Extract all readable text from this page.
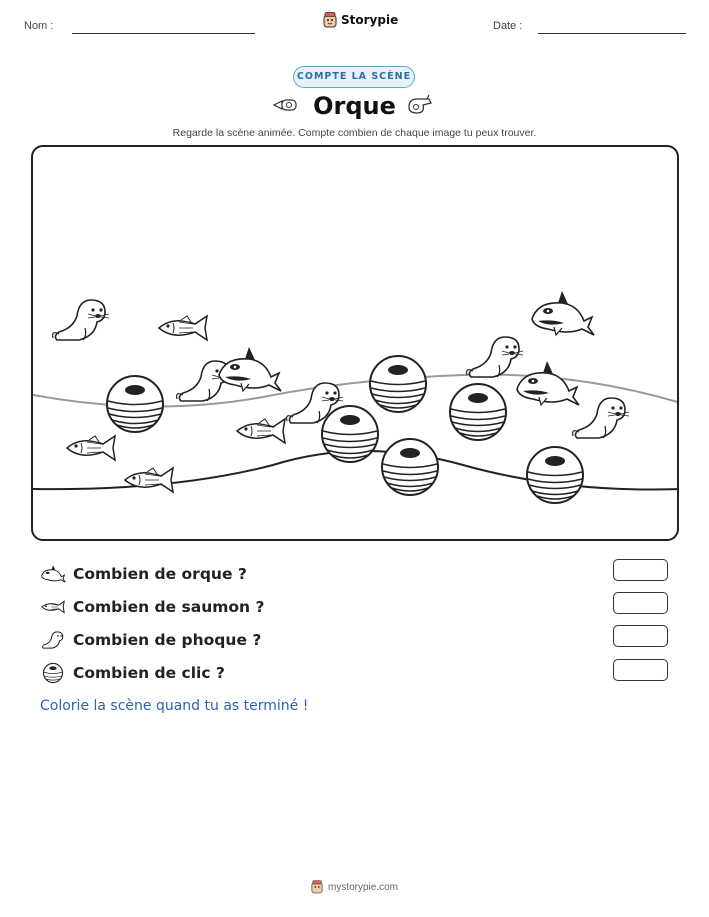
Nom :	Storypie	Date :
COMPTE LA SCÈNE
Orque
Regarde la scène animée. Compte combien de chaque image tu peux trouver.
Combien de orque ?
Combien de saumon ?
Combien de phoque ?
Combien de clic ?
Colorie la scène quand tu as terminé !
mystorypie.com
